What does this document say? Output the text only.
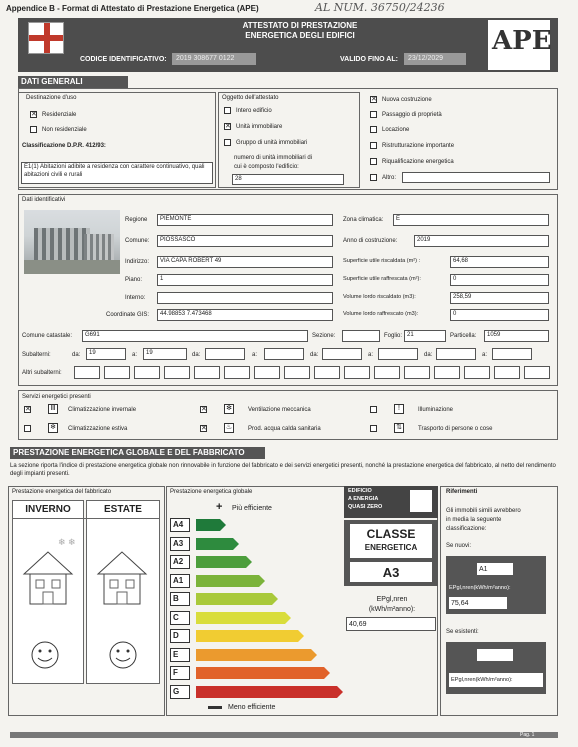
Appendice B - Format di Attestato di Prestazione Energetica (APE)	AL NUM. 36750/24236
ATTESTATO DI PRESTAZIONE
ENERGETICA DEGLI EDIFICI
CODICE IDENTIFICATIVO:	2019 308677 0122	VALIDO FINO AL:	23/12/2029
APE
DATI GENERALI
Destinazione d'uso
✕ Residenziale
Non residenziale
Classificazione D.P.R. 412/93:
E1(1) Abitazioni adibite a residenza con carattere continuativo, quali abitazioni civili e rurali
Oggetto dell'attestato
Intero edificio
✕ Unità immobiliare
Gruppo di unità immobiliari
numero di unità immobiliari di
cui è composto l'edificio:
28
✕ Nuova costruzione
Passaggio di proprietà
Locazione
Ristrutturazione importante
Riqualificazione energetica
Altro:
Dati identificativi
Regione	PIEMONTE
Comune:	PIOSSASCO
Indirizzo:	VIA CAPA ROBERT 49
Piano:	1
Interno:
Coordinate GIS:	44.98853 7.473468
Zona climatica:	E
Anno di costruzione:	2019
Superficie utile riscaldata (m²) :	64,68
Superficie utile raffrescata (m²):	0
Volume lordo riscaldato (m3):	258,59
Volume lordo raffrescato (m3):	0
Comune catastale:	G691	Sezione:	Foglio: 21	Particella:	1059
Subalterni:	da:	19	a:	19	da:	a:	da:	a:	da:	a:
Altri subalterni:
Servizi energetici presenti
✕	Ⅲ	Climatizzazione invernale	✕	✻	Ventilazione meccanica	!	Illuminazione
❄	Climatizzazione estiva	✕	♨	Prod. acqua calda sanitaria	⇅	Trasporto di persone o cose
PRESTAZIONE ENERGETICA GLOBALE E DEL FABBRICATO
La sezione riporta l'indice di prestazione energetica globale non rinnovabile in funzione del fabbricato e dei servizi energetici presenti, nonché la prestazione energetica del fabbricato, al netto del rendimento degli impianti presenti.
Prestazione energetica del fabbricato
INVERNO	ESTATE
❄ ❄
Prestazione energetica globale
+ Più efficiente
A4
A3
A2
A1
B
C
D
E
F
G
Meno efficiente
EDIFICIO
A ENERGIA
QUASI ZERO
CLASSE
ENERGETICA
A3
EPgl,nren
(kWh/m²anno):
40,69
Riferimenti
Gli immobili simili avrebbero
in media la seguente
classificazione:
Se nuovi:
A1
EPgl,nren(kWh/m²anno):
75,64
Se esistenti:
EPgl,nren(kWh/m²anno):
Pag. 1
